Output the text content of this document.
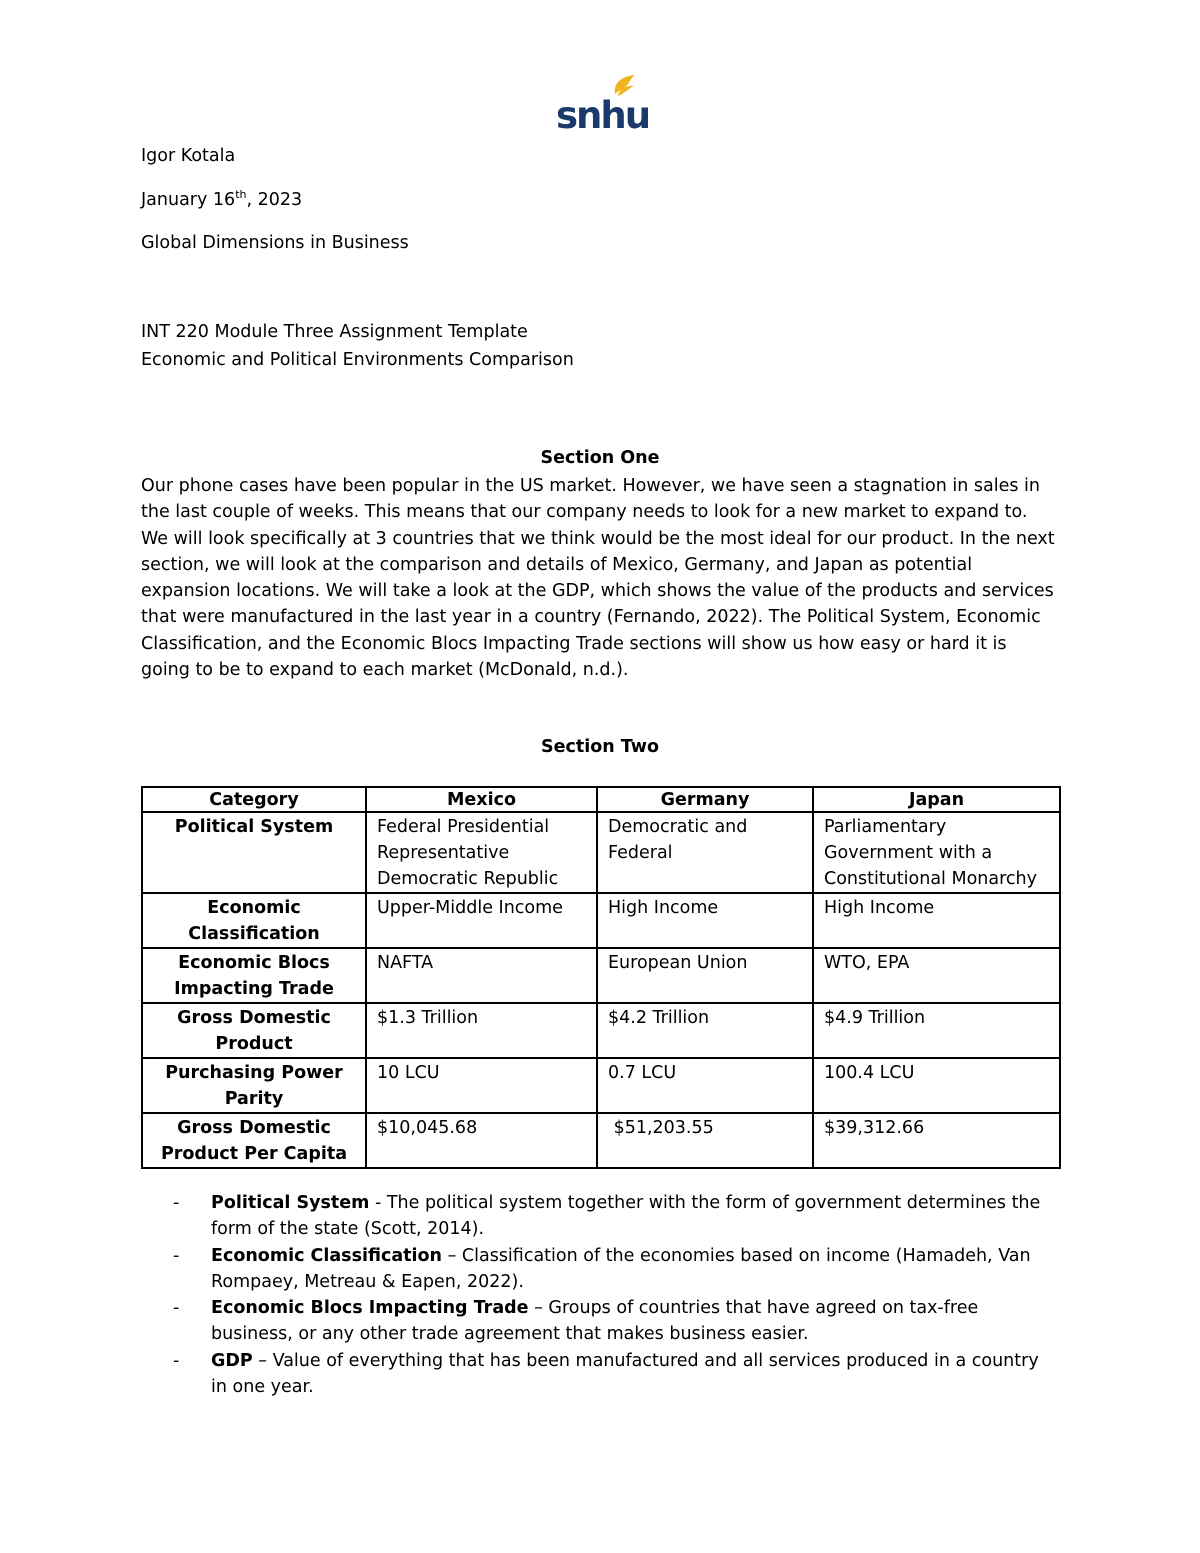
snhu
Igor Kotala
January 16th, 2023
Global Dimensions in Business
INT 220 Module Three Assignment Template
Economic and Political Environments Comparison
Section One
Our phone cases have been popular in the US market. However, we have seen a stagnation in sales in the last couple of weeks. This means that our company needs to look for a new market to expand to. We will look specifically at 3 countries that we think would be the most ideal for our product. In the next section, we will look at the comparison and details of Mexico, Germany, and Japan as potential expansion locations. We will take a look at the GDP, which shows the value of the products and services that were manufactured in the last year in a country (Fernando, 2022). The Political System, Economic Classification, and the Economic Blocs Impacting Trade sections will show us how easy or hard it is going to be to expand to each market (McDonald, n.d.).
Section Two
Category	Mexico	Germany	Japan
Political System	Federal Presidential Representative Democratic Republic	Democratic and Federal	Parliamentary Government with a Constitutional Monarchy
Economic Classification	Upper-Middle Income	High Income	High Income
Economic Blocs Impacting Trade	NAFTA	European Union	WTO, EPA
Gross Domestic Product	$1.3 Trillion	$4.2 Trillion	$4.9 Trillion
Purchasing Power Parity	10 LCU	0.7 LCU	100.4 LCU
Gross Domestic Product Per Capita	$10,045.68	$51,203.55	$39,312.66
- Political System - The political system together with the form of government determines the form of the state (Scott, 2014).
- Economic Classification – Classification of the economies based on income (Hamadeh, Van Rompaey, Metreau & Eapen, 2022).
- Economic Blocs Impacting Trade – Groups of countries that have agreed on tax-free business, or any other trade agreement that makes business easier.
- GDP – Value of everything that has been manufactured and all services produced in a country in one year.
